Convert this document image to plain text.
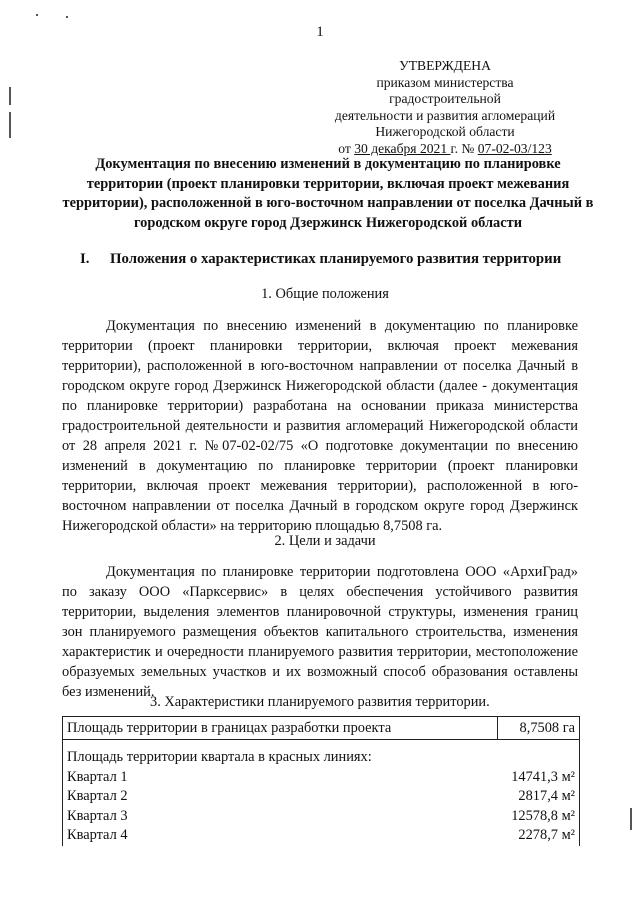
1
УТВЕРЖДЕНА
приказом министерства градостроительной
деятельности и развития агломераций
Нижегородской области
от 30 декабря 2021 г. № 07-02-03/123
Документация по внесению изменений в документацию по планировке территории (проект планировки территории, включая проект межевания территории), расположенной в юго-восточном направлении от поселка Дачный в городском округе город Дзержинск Нижегородской области
I. Положения о характеристиках планируемого развития территории
1. Общие положения

Документация по внесению изменений в документацию по планировке территории (проект планировки территории, включая проект межевания территории), расположенной в юго-восточном направлении от поселка Дачный в городском округе город Дзержинск Нижегородской области (далее - документация по планировке территории) разработана на основании приказа министерства градостроительной деятельности и развития агломераций Нижегородской области от 28 апреля 2021 г. №07-02-02/75 «О подготовке документации по внесению изменений в документацию по планировке территории (проект планировки территории, включая проект межевания территории), расположенной в юго-восточном направлении от поселка Дачный в городском округе город Дзержинск Нижегородской области» на территорию площадью 8,7508 га.

2. Цели и задачи

Документация по планировке территории подготовлена ООО «АрхиГрад» по заказу ООО «Парксервис» в целях обеспечения устойчивого развития территории, выделения элементов планировочной структуры, изменения границ зон планируемого размещения объектов капитального строительства, изменения характеристик и очередности планируемого развития территории, местоположение образуемых земельных участков и их возможный способ образования оставлены без изменений.

3. Характеристики планируемого развития территории.
Площадь территории в границах разработки проекта	8,7508 га
Площадь территории квартала в красных линиях:
Квартал 1	14741,3 м²
Квартал 2	2817,4 м²
Квартал 3	12578,8 м²
Квартал 4	2278,7 м²
